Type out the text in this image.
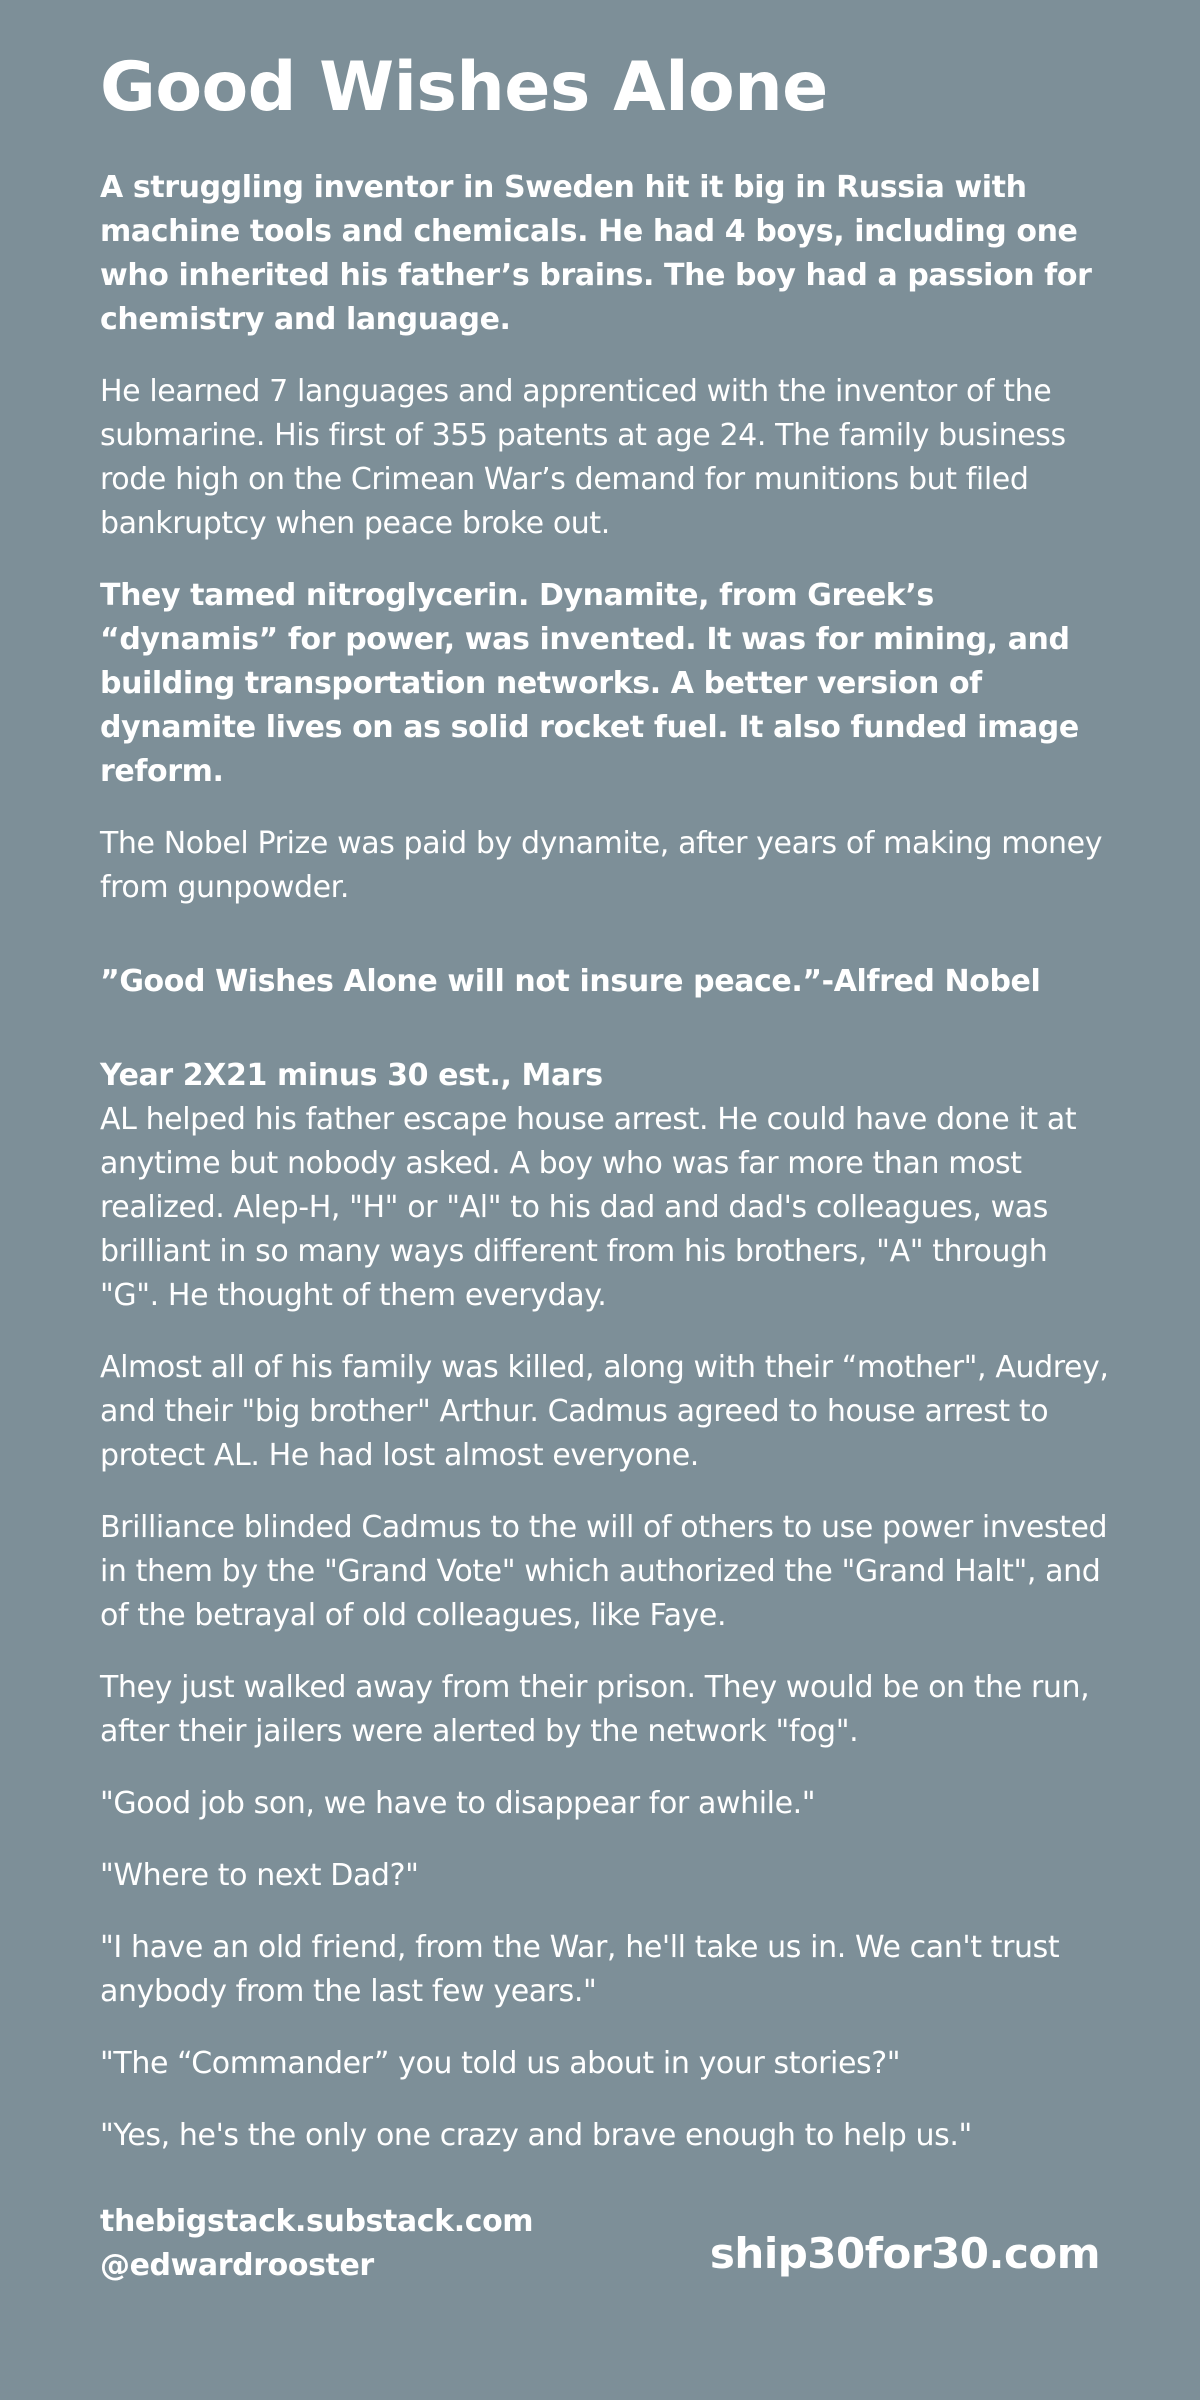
Good Wishes Alone

A struggling inventor in Sweden hit it big in Russia with machine tools and chemicals. He had 4 boys, including one who inherited his father’s brains. The boy had a passion for chemistry and language.

He learned 7 languages and apprenticed with the inventor of the submarine. His first of 355 patents at age 24. The family business rode high on the Crimean War’s demand for munitions but filed bankruptcy when peace broke out.

They tamed nitroglycerin. Dynamite, from Greek’s “dynamis” for power, was invented. It was for mining, and building transportation networks. A better version of dynamite lives on as solid rocket fuel. It also funded image reform.

The Nobel Prize was paid by dynamite, after years of making money from gunpowder.

”Good Wishes Alone will not insure peace.”-Alfred Nobel

Year 2X21 minus 30 est., Mars

AL helped his father escape house arrest. He could have done it at anytime but nobody asked. A boy who was far more than most realized. Alep-H, "H" or "Al" to his dad and dad's colleagues, was brilliant in so many ways different from his brothers, "A" through "G". He thought of them everyday.

Almost all of his family was killed, along with their “mother", Audrey, and their "big brother" Arthur. Cadmus agreed to house arrest to protect AL. He had lost almost everyone.

Brilliance blinded Cadmus to the will of others to use power invested in them by the "Grand Vote" which authorized the "Grand Halt", and of the betrayal of old colleagues, like Faye.

They just walked away from their prison. They would be on the run, after their jailers were alerted by the network "fog".

"Good job son, we have to disappear for awhile."

"Where to next Dad?"

"I have an old friend, from the War, he'll take us in. We can't trust anybody from the last few years."

"The “Commander” you told us about in your stories?"

"Yes, he's the only one crazy and brave enough to help us."

thebigstack.substack.com
@edwardrooster	ship30for30.com
